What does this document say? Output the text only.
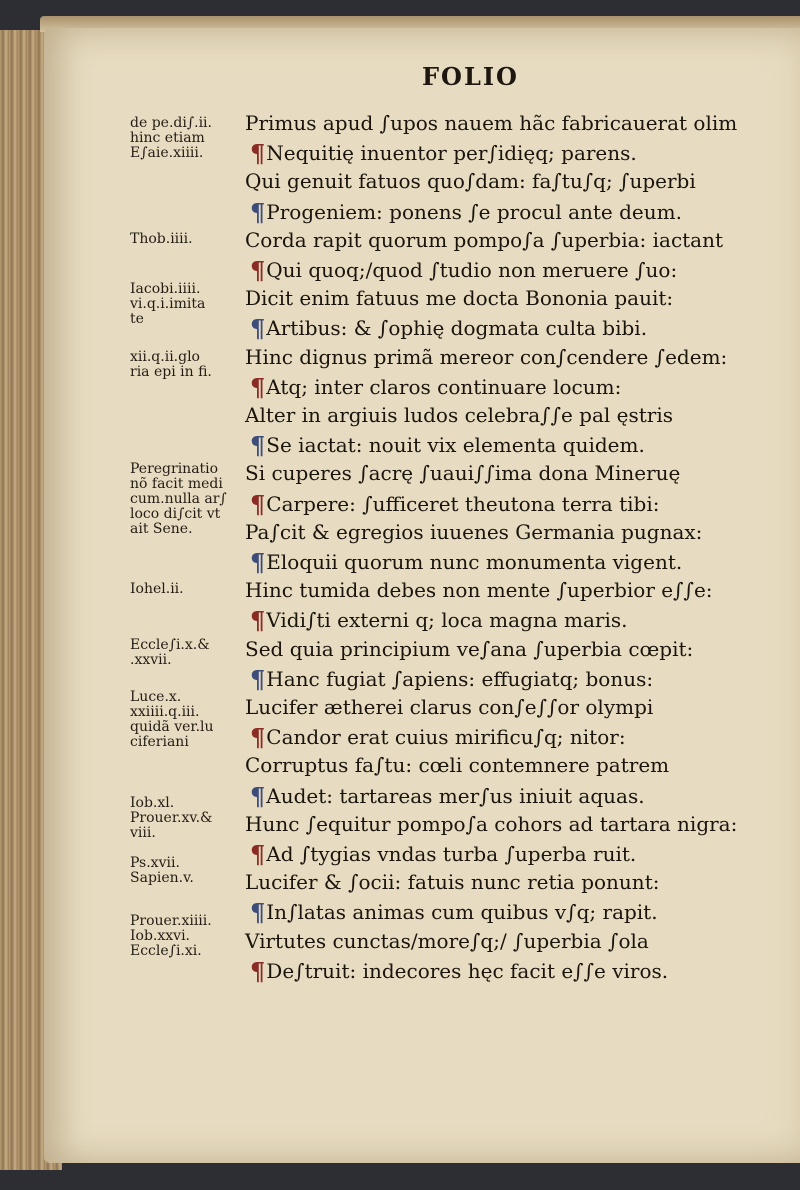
FOLIO
de pe.di∫.ii.
hinc etiam
E∫aie.xiiii.
Thob.iiii.
Iacobi.iiii.
vi.q.i.imita
te
xii.q.ii.glo
ria epi in fi.
Peregrinatio
nõ facit medi
cum.nulla ar∫
loco di∫cit vt
ait Sene.
Iohel.ii.
Eccle∫i.x.&
.xxvii.
Luce.x.
xxiiii.q.iii.
quidã ver.lu
ciferiani
Iob.xl.
Prouer.xv.&
viii.
Ps.xvii.
Sapien.v.
Prouer.xiiii.
Iob.xxvi.
Eccle∫i.xi.
Primus apud ∫upos nauem hãc fabricauerat olim
¶Nequitię inuentor per∫idięq; parens.
Qui genuit fatuos quo∫dam: fa∫tu∫q; ∫uperbi
¶Progeniem: ponens ∫e procul ante deum.
Corda rapit quorum pompo∫a ∫uperbia: iactant
¶Qui quoq;/quod ∫tudio non meruere ∫uo:
Dicit enim fatuus me docta Bononia pauit:
¶Artibus: & ∫ophię dogmata culta bibi.
Hinc dignus primã mereor con∫cendere ∫edem:
¶Atq; inter claros continuare locum:
Alter in argiuis ludos celebra∫∫e pal ęstris
¶Se iactat: nouit vix elementa quidem.
Si cuperes ∫acrę ∫uaui∫∫ima dona Mineruę
¶Carpere: ∫ufficeret theutona terra tibi:
Pa∫cit & egregios iuuenes Germania pugnax:
¶Eloquii quorum nunc monumenta vigent.
Hinc tumida debes non mente ∫uperbior e∫∫e:
¶Vidi∫ti externi q; loca magna maris.
Sed quia principium ve∫ana ∫uperbia cœpit:
¶Hanc fugiat ∫apiens: effugiatq; bonus:
Lucifer ætherei clarus con∫e∫∫or olympi
¶Candor erat cuius mirificu∫q; nitor:
Corruptus fa∫tu: cœli contemnere patrem
¶Audet: tartareas mer∫us iniuit aquas.
Hunc ∫equitur pompo∫a cohors ad tartara nigra:
¶Ad ∫tygias vndas turba ∫uperba ruit.
Lucifer & ∫ocii: fatuis nunc retia ponunt:
¶In∫latas animas cum quibus v∫q; rapit.
Virtutes cunctas/more∫q;/ ∫uperbia ∫ola
¶De∫truit: indecores hęc facit e∫∫e viros.
